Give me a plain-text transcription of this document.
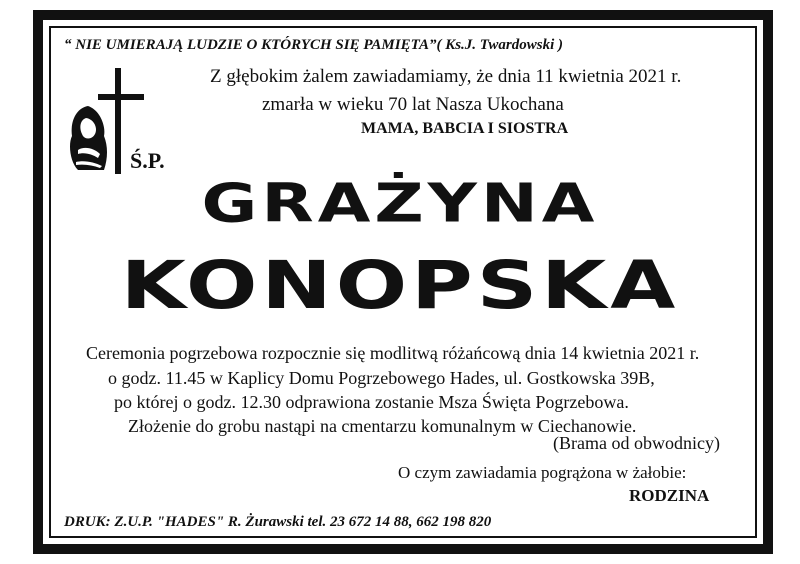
“ NIE UMIERAJĄ LUDZIE O KTÓRYCH SIĘ PAMIĘTA”( Ks.J. Twardowski )
Z głębokim żalem zawiadamiamy, że dnia 11 kwietnia 2021 r.
zmarła w wieku 70 lat Nasza Ukochana
MAMA, BABCIA I SIOSTRA
Ś.P.
GRAŻYNA
KONOPSKA
Ceremonia pogrzebowa rozpocznie się modlitwą różańcową dnia 14 kwietnia 2021 r.
o godz. 11.45 w Kaplicy Domu Pogrzebowego Hades, ul. Gostkowska 39B,
po której o godz. 12.30 odprawiona zostanie Msza Święta Pogrzebowa.
Złożenie do grobu nastąpi na cmentarzu komunalnym w Ciechanowie.
(Brama od obwodnicy)
O czym zawiadamia pogrążona w żałobie:
RODZINA
DRUK: Z.U.P. "HADES" R. Żurawski tel. 23 672 14 88, 662 198 820
